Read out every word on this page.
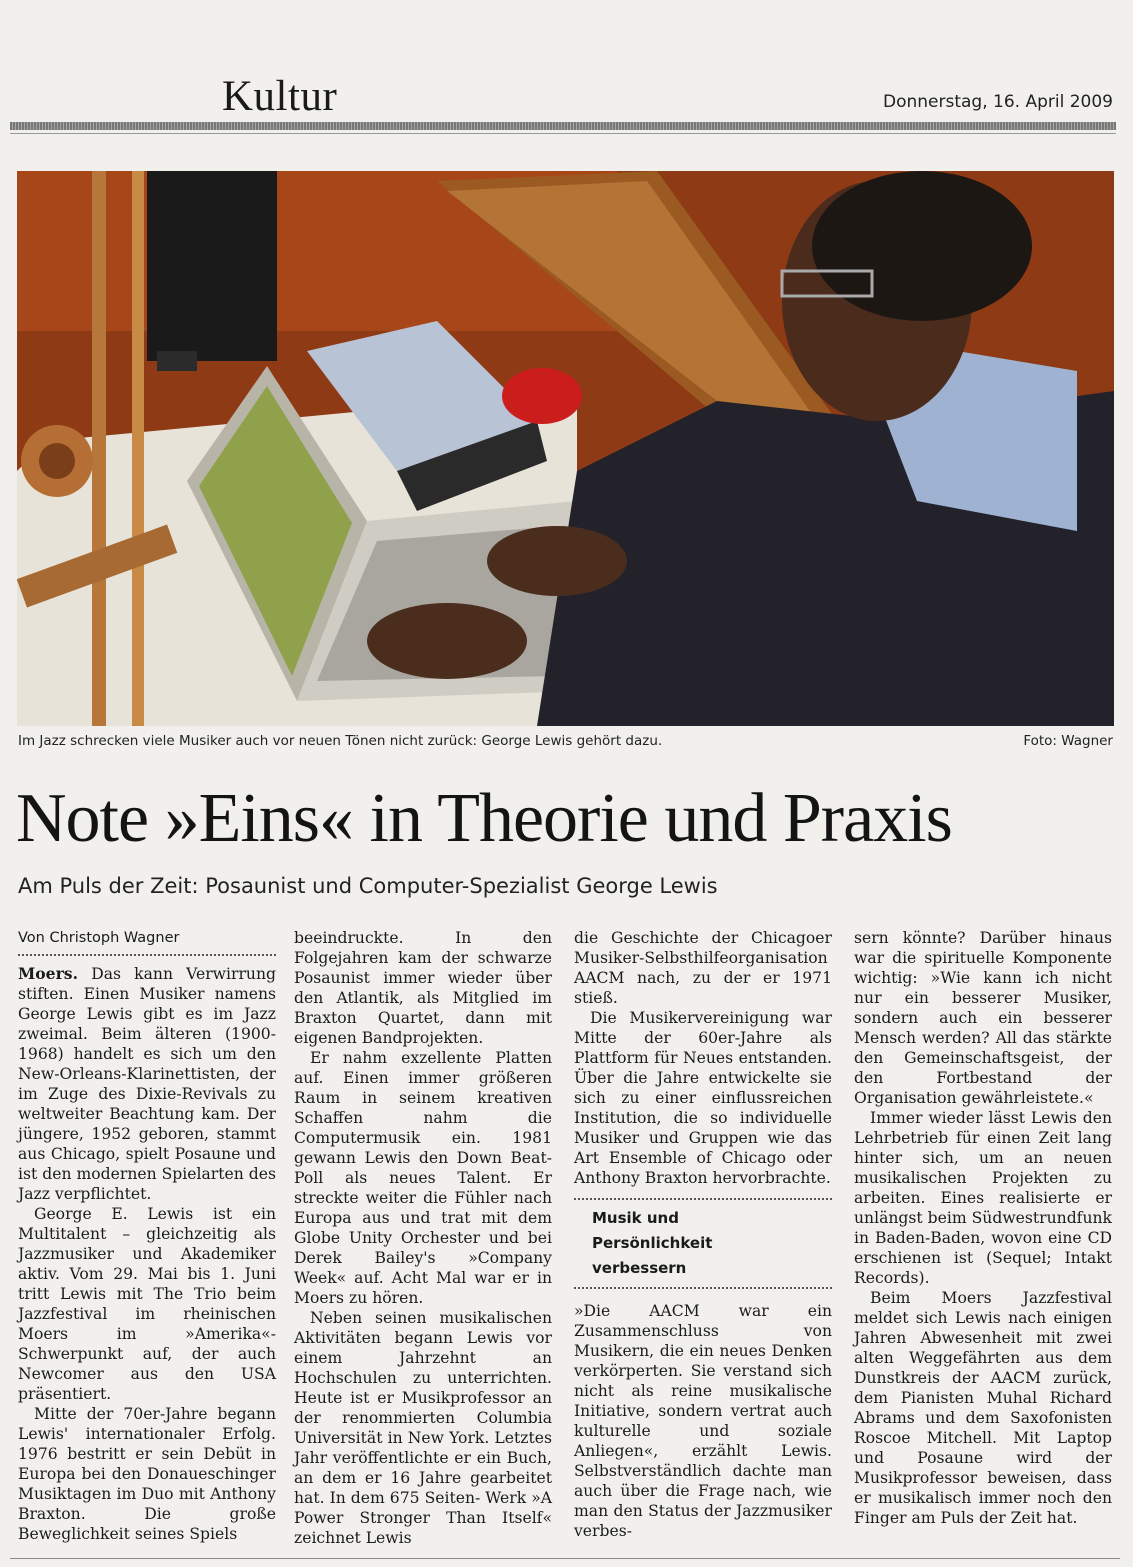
Kultur	Donnerstag, 16. April 2009
Im Jazz schrecken viele Musiker auch vor neuen Tönen nicht zurück: George Lewis gehört dazu.	Foto: Wagner
Note »Eins« in Theorie und Praxis
Am Puls der Zeit: Posaunist und Computer-Spezialist George Lewis
Von Christoph Wagner

Moers. Das kann Verwirrung stiften. Einen Musiker namens George Lewis gibt es im Jazz zweimal. Beim älteren (1900-1968) handelt es sich um den New-Orleans-Klarinettisten, der im Zuge des Dixie-Revivals zu weltweiter Beachtung kam. Der jüngere, 1952 geboren, stammt aus Chicago, spielt Posaune und ist den modernen Spielarten des Jazz verpflichtet.

George E. Lewis ist ein Multitalent – gleichzeitig als Jazzmusiker und Akademiker aktiv. Vom 29. Mai bis 1. Juni tritt Lewis mit The Trio beim Jazzfestival im rheinischen Moers im »Amerika«-Schwerpunkt auf, der auch Newcomer aus den USA präsentiert.

Mitte der 70er-Jahre begann Lewis' internationaler Erfolg. 1976 bestritt er sein Debüt in Europa bei den Donaueschinger Musiktagen im Duo mit Anthony Braxton. Die große Beweglichkeit seines Spiels

beeindruckte. In den Folgejahren kam der schwarze Posaunist immer wieder über den Atlantik, als Mitglied im Braxton Quartet, dann mit eigenen Bandprojekten.

Er nahm exzellente Platten auf. Einen immer größeren Raum in seinem kreativen Schaffen nahm die Computermusik ein. 1981 gewann Lewis den Down Beat-Poll als neues Talent. Er streckte weiter die Fühler nach Europa aus und trat mit dem Globe Unity Orchester und bei Derek Bailey's »Company Week« auf. Acht Mal war er in Moers zu hören.

Neben seinen musikalischen Aktivitäten begann Lewis vor einem Jahrzehnt an Hochschulen zu unterrichten. Heute ist er Musikprofessor an der renommierten Columbia Universität in New York. Letztes Jahr veröffentlichte er ein Buch, an dem er 16 Jahre gearbeitet hat. In dem 675 Seiten- Werk »A Power Stronger Than Itself« zeichnet Lewis

die Geschichte der Chicagoer Musiker-Selbsthilfeorganisation AACM nach, zu der er 1971 stieß.

Die Musikervereinigung war Mitte der 60er-Jahre als Plattform für Neues entstanden. Über die Jahre entwickelte sie sich zu einer einflussreichen Institution, die so individuelle Musiker und Gruppen wie das Art Ensemble of Chicago oder Anthony Braxton hervorbrachte.

Musik und
Persönlichkeit
verbessern

»Die AACM war ein Zusammenschluss von Musikern, die ein neues Denken verkörperten. Sie verstand sich nicht als reine musikalische Initiative, sondern vertrat auch kulturelle und soziale Anliegen«, erzählt Lewis. Selbstverständlich dachte man auch über die Frage nach, wie man den Status der Jazzmusiker verbes-

sern könnte? Darüber hinaus war die spirituelle Komponente wichtig: »Wie kann ich nicht nur ein besserer Musiker, sondern auch ein besserer Mensch werden? All das stärkte den Gemeinschaftsgeist, der den Fortbestand der Organisation gewährleistete.«

Immer wieder lässt Lewis den Lehrbetrieb für einen Zeit lang hinter sich, um an neuen musikalischen Projekten zu arbeiten. Eines realisierte er unlängst beim Südwestrundfunk in Baden-Baden, wovon eine CD erschienen ist (Sequel; Intakt Records).

Beim Moers Jazzfestival meldet sich Lewis nach einigen Jahren Abwesenheit mit zwei alten Weggefährten aus dem Dunstkreis der AACM zurück, dem Pianisten Muhal Richard Abrams und dem Saxofonisten Roscoe Mitchell. Mit Laptop und Posaune wird der Musikprofessor beweisen, dass er musikalisch immer noch den Finger am Puls der Zeit hat.
